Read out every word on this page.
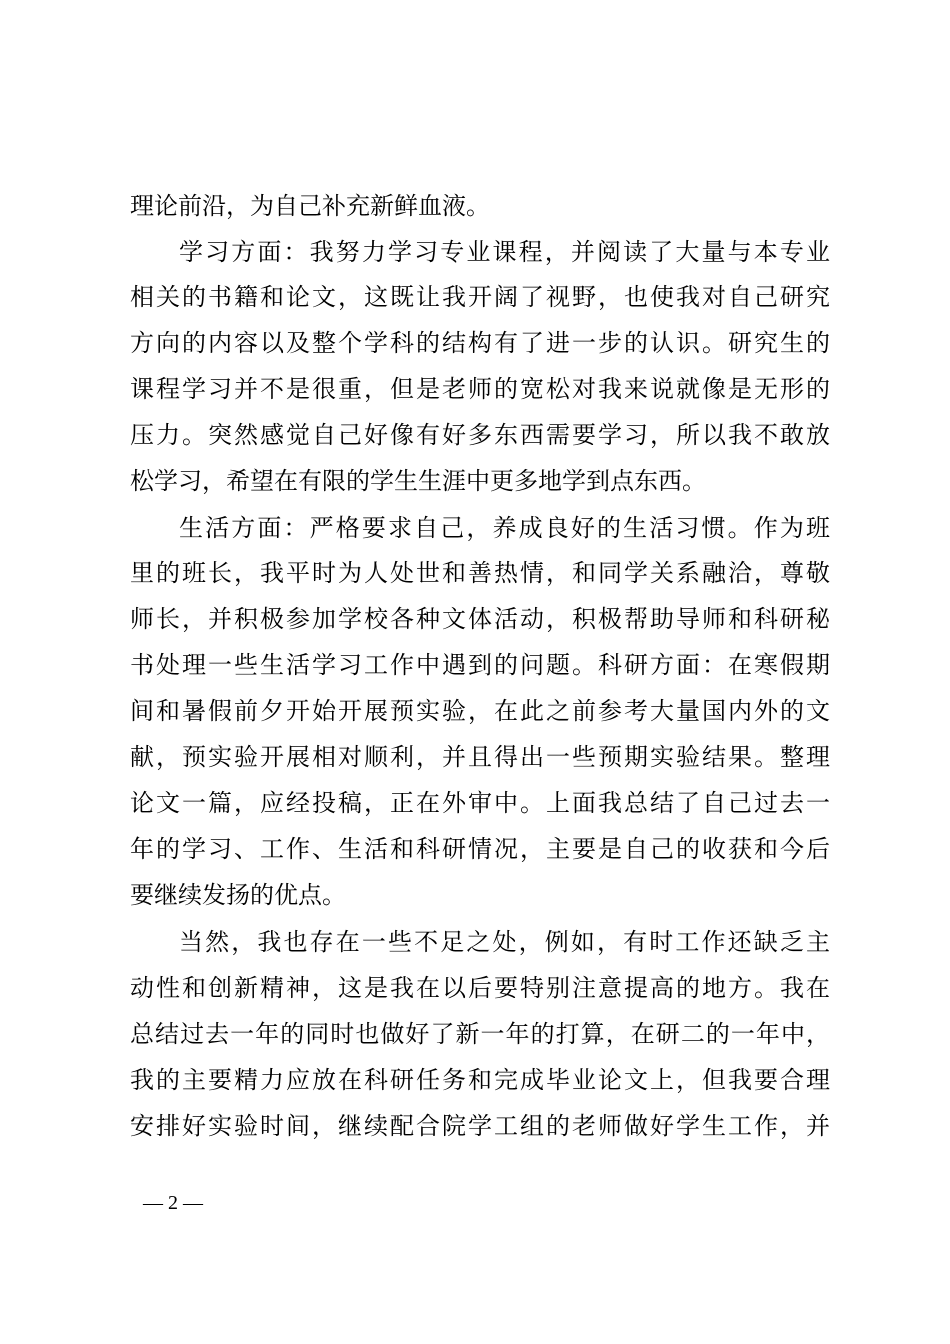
理论前沿，为自己补充新鲜血液。
学习方面：我努力学习专业课程，并阅读了大量与本专业
相关的书籍和论文，这既让我开阔了视野，也使我对自己研究
方向的内容以及整个学科的结构有了进一步的认识。研究生的
课程学习并不是很重，但是老师的宽松对我来说就像是无形的
压力。突然感觉自己好像有好多东西需要学习，所以我不敢放
松学习，希望在有限的学生生涯中更多地学到点东西。
生活方面：严格要求自己，养成良好的生活习惯。作为班
里的班长，我平时为人处世和善热情，和同学关系融洽，尊敬
师长，并积极参加学校各种文体活动，积极帮助导师和科研秘
书处理一些生活学习工作中遇到的问题。科研方面：在寒假期
间和暑假前夕开始开展预实验，在此之前参考大量国内外的文
献，预实验开展相对顺利，并且得出一些预期实验结果。整理
论文一篇，应经投稿，正在外审中。上面我总结了自己过去一
年的学习、工作、生活和科研情况，主要是自己的收获和今后
要继续发扬的优点。
当然，我也存在一些不足之处，例如，有时工作还缺乏主
动性和创新精神，这是我在以后要特别注意提高的地方。我在
总结过去一年的同时也做好了新一年的打算，在研二的一年中，
我的主要精力应放在科研任务和完成毕业论文上，但我要合理
安排好实验时间，继续配合院学工组的老师做好学生工作，并
— 2 —
